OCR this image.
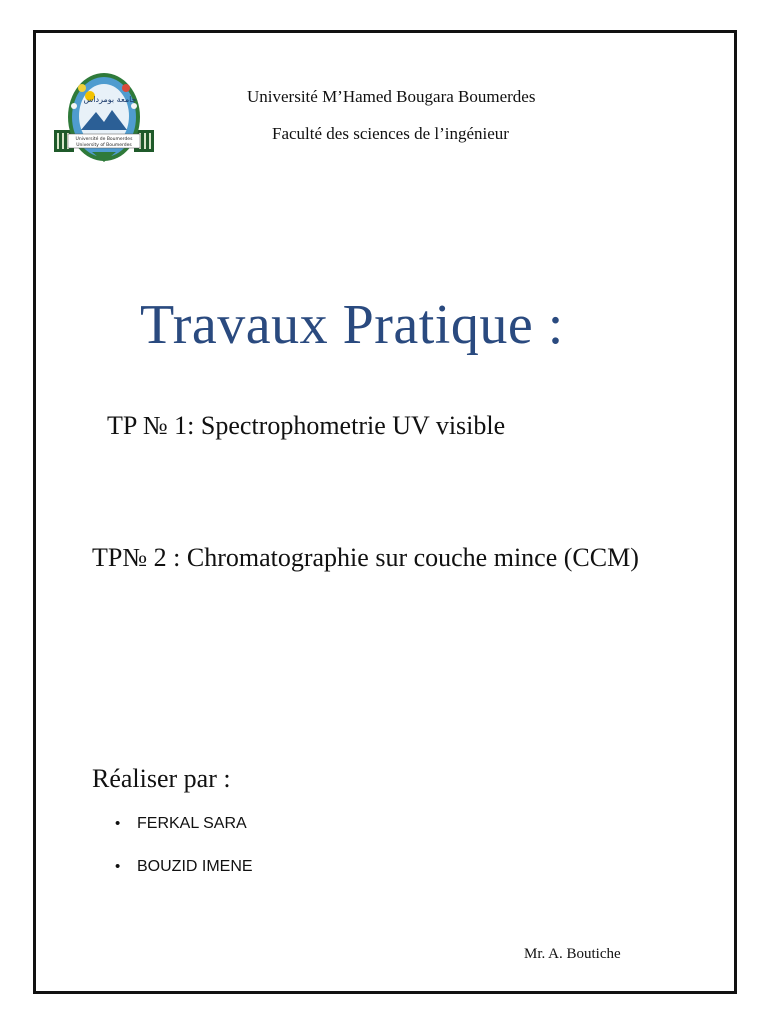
جامعة بومرداس
Université de Boumerdes
University of Boumerdes
Université M’Hamed Bougara Boumerdes
Faculté des sciences de l’ingénieur
Travaux Pratique :
TP № 1: Spectrophometrie UV visible
TP№ 2 : Chromatographie sur couche mince (CCM)
Réaliser par :
• FERKAL SARA
• BOUZID IMENE
Mr. A. Boutiche
